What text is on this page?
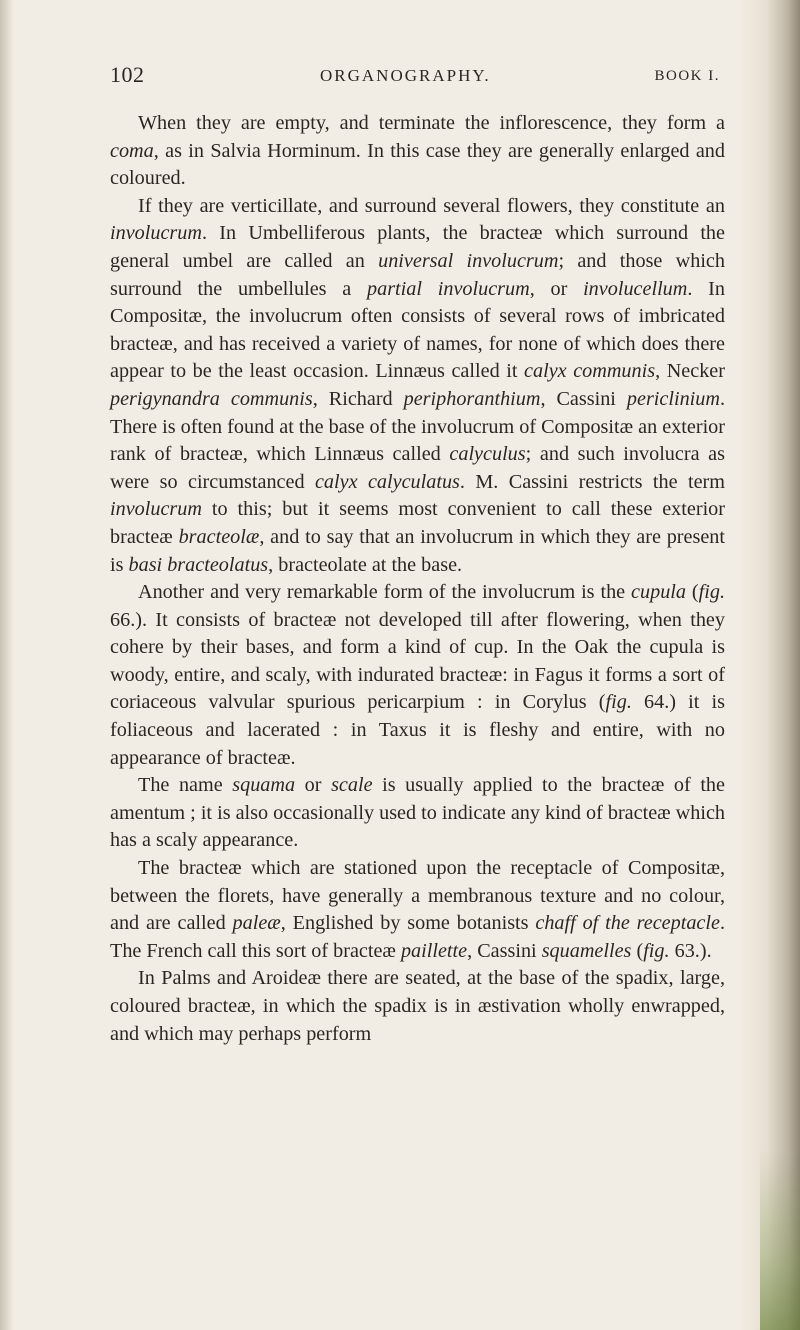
102	ORGANOGRAPHY.	BOOK I.

When they are empty, and terminate the inflorescence, they form a coma, as in Salvia Horminum. In this case they are generally enlarged and coloured.

If they are verticillate, and surround several flowers, they constitute an involucrum. In Umbelliferous plants, the bracteæ which surround the general umbel are called an universal involucrum; and those which surround the umbellules a partial involucrum, or involucellum. In Compositæ, the involucrum often consists of several rows of imbricated bracteæ, and has received a variety of names, for none of which does there appear to be the least occasion. Linnæus called it calyx communis, Necker perigynandra communis, Richard periphoranthium, Cassini periclinium. There is often found at the base of the involucrum of Compositæ an exterior rank of bracteæ, which Linnæus called calyculus; and such involucra as were so circumstanced calyx calyculatus. M. Cassini restricts the term involucrum to this; but it seems most convenient to call these exterior bracteæ bracteolæ, and to say that an involucrum in which they are present is basi bracteolatus, bracteolate at the base.

Another and very remarkable form of the involucrum is the cupula (fig. 66.). It consists of bracteæ not developed till after flowering, when they cohere by their bases, and form a kind of cup. In the Oak the cupula is woody, entire, and scaly, with indurated bracteæ: in Fagus it forms a sort of coriaceous valvular spurious pericarpium : in Corylus (fig. 64.) it is foliaceous and lacerated : in Taxus it is fleshy and entire, with no appearance of bracteæ.

The name squama or scale is usually applied to the bracteæ of the amentum ; it is also occasionally used to indicate any kind of bracteæ which has a scaly appearance.

The bracteæ which are stationed upon the receptacle of Compositæ, between the florets, have generally a membranous texture and no colour, and are called paleæ, Englished by some botanists chaff of the receptacle. The French call this sort of bracteæ paillette, Cassini squamelles (fig. 63.).

In Palms and Aroideæ there are seated, at the base of the spadix, large, coloured bracteæ, in which the spadix is in æstivation wholly enwrapped, and which may perhaps perform
